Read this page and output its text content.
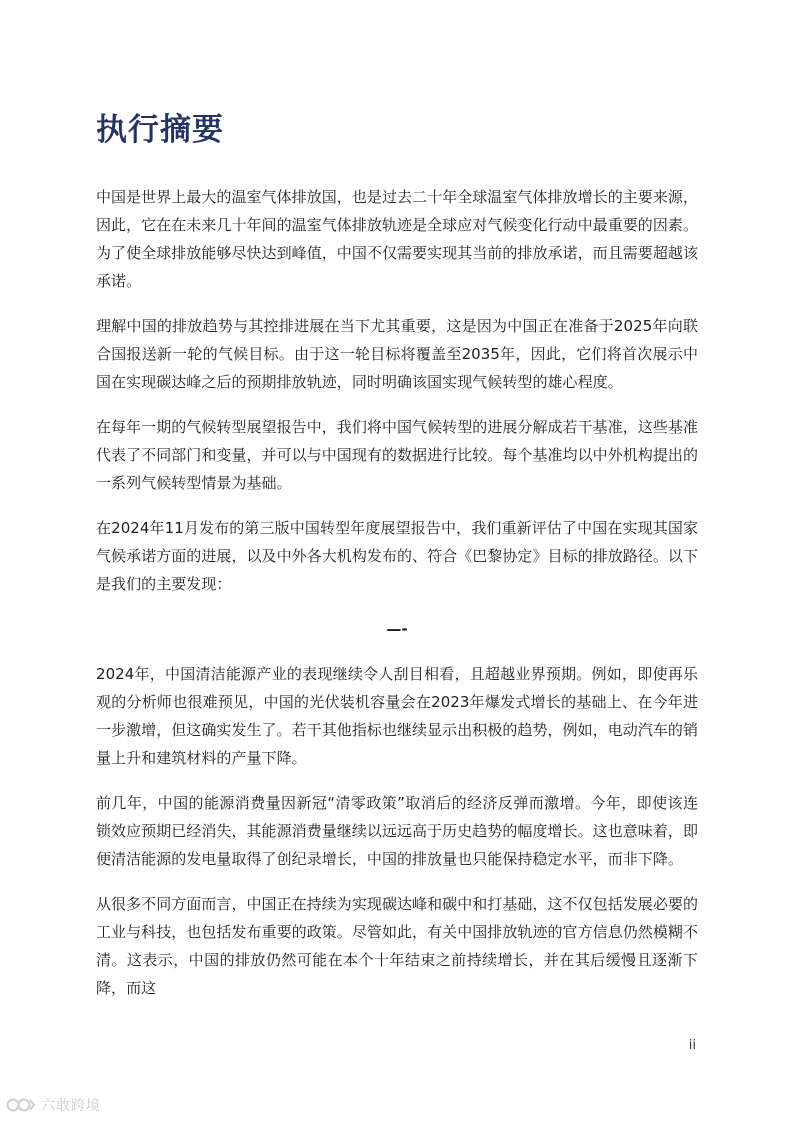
执行摘要

中国是世界上最大的温室气体排放国，也是过去二十年全球温室气体排放增长的主要来源，因此，它在在未来几十年间的温室气体排放轨迹是全球应对气候变化行动中最重要的因素。为了使全球排放能够尽快达到峰值，中国不仅需要实现其当前的排放承诺，而且需要超越该承诺。

理解中国的排放趋势与其控排进展在当下尤其重要，这是因为中国正在准备于2025年向联合国报送新一轮的气候目标。由于这一轮目标将覆盖至2035年，因此，它们将首次展示中国在实现碳达峰之后的预期排放轨迹，同时明确该国实现气候转型的雄心程度。

在每年一期的气候转型展望报告中，我们将中国气候转型的进展分解成若干基准，这些基准代表了不同部门和变量，并可以与中国现有的数据进行比较。每个基准均以中外机构提出的一系列气候转型情景为基础。

在2024年11月发布的第三版中国转型年度展望报告中，我们重新评估了中国在实现其国家气候承诺方面的进展，以及中外各大机构发布的、符合《巴黎协定》目标的排放路径。以下是我们的主要发现：

—-

2024年，中国清洁能源产业的表现继续令人刮目相看，且超越业界预期。例如，即使再乐观的分析师也很难预见，中国的光伏装机容量会在2023年爆发式增长的基础上、在今年进一步激增，但这确实发生了。若干其他指标也继续显示出积极的趋势，例如，电动汽车的销量上升和建筑材料的产量下降。

前几年，中国的能源消费量因新冠“清零政策”取消后的经济反弹而激增。今年，即使该连锁效应预期已经消失，其能源消费量继续以远远高于历史趋势的幅度增长。这也意味着，即便清洁能源的发电量取得了创纪录增长，中国的排放量也只能保持稳定水平，而非下降。

从很多不同方面而言，中国正在持续为实现碳达峰和碳中和打基础，这不仅包括发展必要的工业与科技，也包括发布重要的政策。尽管如此，有关中国排放轨迹的官方信息仍然模糊不清。这表示，中国的排放仍然可能在本个十年结束之前持续增长，并在其后缓慢且逐渐下降，而这

ii
六敢跨境
